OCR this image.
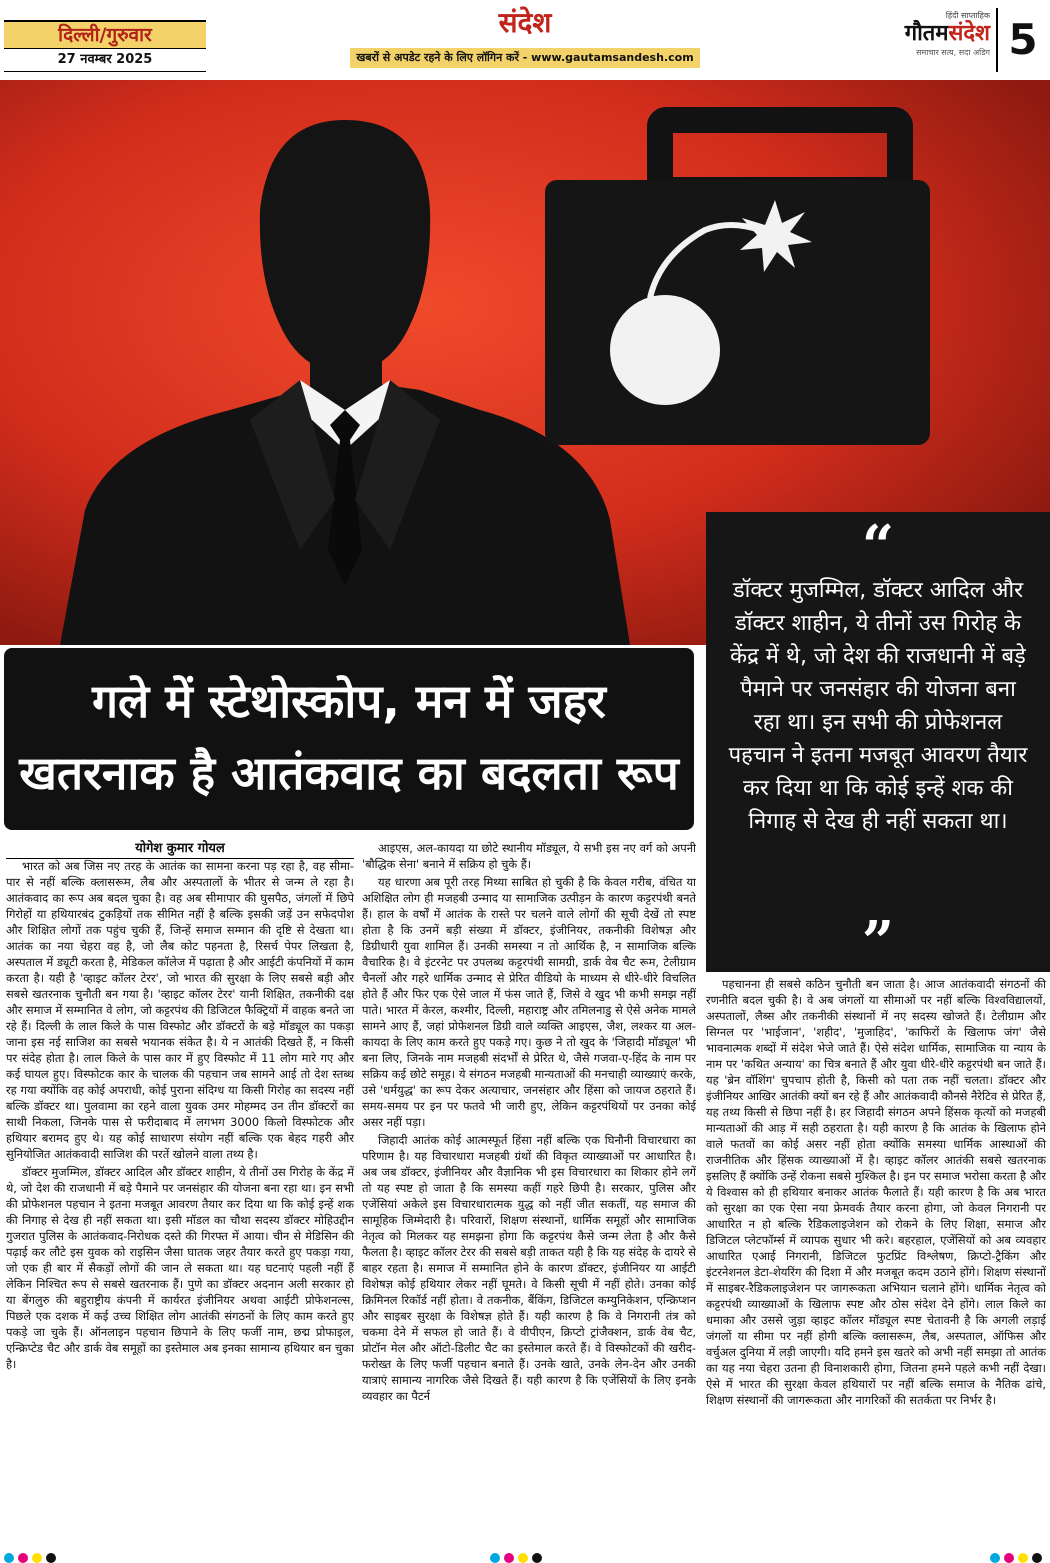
दिल्ली/गुरुवार
27 नवम्बर 2025
संदेश
खबरों से अपडेट रहने के लिए लॉगिन करें - www.gautamsandesh.com
हिंदी साप्ताहिक
गौतमसंदेश
समाचार सत्य, सदा अडिग 5
गले में स्टेथोस्कोप, मन में जहर
खतरनाक है आतंकवाद का बदलता रूप
“
डॉक्टर मुजम्मिल, डॉक्टर आदिल और डॉक्टर शाहीन, ये तीनों उस गिरोह के केंद्र में थे, जो देश की राजधानी में बड़े पैमाने पर जनसंहार की योजना बना रहा था। इन सभी की प्रोफेशनल पहचान ने इतना मजबूत आवरण तैयार कर दिया था कि कोई इन्हें शक की निगाह से देख ही नहीं सकता था।
”
योगेश कुमार गोयल

भारत को अब जिस नए तरह के आतंक का सामना करना पड़ रहा है, वह सीमा-पार से नहीं बल्कि क्लासरूम, लैब और अस्पतालों के भीतर से जन्म ले रहा है। आतंकवाद का रूप अब बदल चुका है। वह अब सीमापार की घुसपैठ, जंगलों में छिपे गिरोहों या हथियारबंद टुकड़ियों तक सीमित नहीं है बल्कि इसकी जड़ें उन सफेदपोश और शिक्षित लोगों तक पहुंच चुकी हैं, जिन्हें समाज सम्मान की दृष्टि से देखता था। आतंक का नया चेहरा वह है, जो लैब कोट पहनता है, रिसर्च पेपर लिखता है, अस्पताल में ड्यूटी करता है, मेडिकल कॉलेज में पढ़ाता है और आईटी कंपनियों में काम करता है। यही है 'व्हाइट कॉलर टेरर', जो भारत की सुरक्षा के लिए सबसे बड़ी और सबसे खतरनाक चुनौती बन गया है। 'व्हाइट कॉलर टेरर' यानी शिक्षित, तकनीकी दक्ष और समाज में सम्मानित वे लोग, जो कट्टरपंथ की डिजिटल फैक्ट्रियों में वाहक बनते जा रहे हैं। दिल्ली के लाल किले के पास विस्फोट और डॉक्टरों के बड़े मॉड्यूल का पकड़ा जाना इस नई साजिश का सबसे भयानक संकेत है। ये न आतंकी दिखते हैं, न किसी पर संदेह होता है। लाल किले के पास कार में हुए विस्फोट में 11 लोग मारे गए और कई घायल हुए। विस्फोटक कार के चालक की पहचान जब सामने आई तो देश स्तब्ध रह गया क्योंकि वह कोई अपराधी, कोई पुराना संदिग्ध या किसी गिरोह का सदस्य नहीं बल्कि डॉक्टर था। पुलवामा का रहने वाला युवक उमर मोहम्मद उन तीन डॉक्टरों का साथी निकला, जिनके पास से फरीदाबाद में लगभग 3000 किलो विस्फोटक और हथियार बरामद हुए थे। यह कोई साधारण संयोग नहीं बल्कि एक बेहद गहरी और सुनियोजित आतंकवादी साजिश की परतें खोलने वाला तथ्य है।

डॉक्टर मुजम्मिल, डॉक्टर आदिल और डॉक्टर शाहीन, ये तीनों उस गिरोह के केंद्र में थे, जो देश की राजधानी में बड़े पैमाने पर जनसंहार की योजना बना रहा था। इन सभी की प्रोफेशनल पहचान ने इतना मजबूत आवरण तैयार कर दिया था कि कोई इन्हें शक की निगाह से देख ही नहीं सकता था। इसी मॉडल का चौथा सदस्य डॉक्टर मोहिउद्दीन गुजरात पुलिस के आतंकवाद-निरोधक दस्ते की गिरफ्त में आया। चीन से मेडिसिन की पढ़ाई कर लौटे इस युवक को राइसिन जैसा घातक जहर तैयार करते हुए पकड़ा गया, जो एक ही बार में सैकड़ों लोगों की जान ले सकता था। यह घटनाएं पहली नहीं हैं लेकिन निश्चित रूप से सबसे खतरनाक हैं। पुणे का डॉक्टर अदनान अली सरकार हो या बेंगलुरु की बहुराष्ट्रीय कंपनी में कार्यरत इंजीनियर अथवा आईटी प्रोफेशनल्स, पिछले एक दशक में कई उच्च शिक्षित लोग आतंकी संगठनों के लिए काम करते हुए पकड़े जा चुके हैं। ऑनलाइन पहचान छिपाने के लिए फर्जी नाम, छद्म प्रोफाइल, एन्क्रिप्टेड चैट और डार्क वेब समूहों का इस्तेमाल अब इनका सामान्य हथियार बन चुका है।

आइएस, अल-कायदा या छोटे स्थानीय मॉड्यूल, ये सभी इस नए वर्ग को अपनी 'बौद्धिक सेना' बनाने में सक्रिय हो चुके हैं।

यह धारणा अब पूरी तरह मिथ्या साबित हो चुकी है कि केवल गरीब, वंचित या अशिक्षित लोग ही मजहबी उन्माद या सामाजिक उत्पीड़न के कारण कट्टरपंथी बनते हैं। हाल के वर्षों में आतंक के रास्ते पर चलने वाले लोगों की सूची देखें तो स्पष्ट होता है कि उनमें बड़ी संख्या में डॉक्टर, इंजीनियर, तकनीकी विशेषज्ञ और डिग्रीधारी युवा शामिल हैं। उनकी समस्या न तो आर्थिक है, न सामाजिक बल्कि वैचारिक है। वे इंटरनेट पर उपलब्ध कट्टरपंथी सामग्री, डार्क वेब चैट रूम, टेलीग्राम चैनलों और गहरे धार्मिक उन्माद से प्रेरित वीडियो के माध्यम से धीरे-धीरे विचलित होते हैं और फिर एक ऐसे जाल में फंस जाते हैं, जिसे वे खुद भी कभी समझ नहीं पाते। भारत में केरल, कश्मीर, दिल्ली, महाराष्ट्र और तमिलनाडु से ऐसे अनेक मामले सामने आए हैं, जहां प्रोफेशनल डिग्री वाले व्यक्ति आइएस, जैश, लश्कर या अल-कायदा के लिए काम करते हुए पकड़े गए। कुछ ने तो खुद के 'जिहादी मॉड्यूल' भी बना लिए, जिनके नाम मजहबी संदर्भों से प्रेरित थे, जैसे गजवा-ए-हिंद के नाम पर सक्रिय कई छोटे समूह। ये संगठन मजहबी मान्यताओं की मनचाही व्याख्याएं करके, उसे 'धर्मयुद्ध' का रूप देकर अत्याचार, जनसंहार और हिंसा को जायज ठहराते हैं। समय-समय पर इन पर फतवे भी जारी हुए, लेकिन कट्टरपंथियों पर उनका कोई असर नहीं पड़ा।

जिहादी आतंक कोई आत्मस्फूर्त हिंसा नहीं बल्कि एक घिनौनी विचारधारा का परिणाम है। यह विचारधारा मजहबी ग्रंथों की विकृत व्याख्याओं पर आधारित है। अब जब डॉक्टर, इंजीनियर और वैज्ञानिक भी इस विचारधारा का शिकार होने लगें तो यह स्पष्ट हो जाता है कि समस्या कहीं गहरे छिपी है। सरकार, पुलिस और एजेंसियां अकेले इस विचारधारात्मक युद्ध को नहीं जीत सकतीं, यह समाज की सामूहिक जिम्मेदारी है। परिवारों, शिक्षण संस्थानों, धार्मिक समूहों और सामाजिक नेतृत्व को मिलकर यह समझना होगा कि कट्टरपंथ कैसे जन्म लेता है और कैसे फैलता है। व्हाइट कॉलर टेरर की सबसे बड़ी ताकत यही है कि यह संदेह के दायरे से बाहर रहता है। समाज में सम्मानित होने के कारण डॉक्टर, इंजीनियर या आईटी विशेषज्ञ कोई हथियार लेकर नहीं घूमते। वे किसी सूची में नहीं होते। उनका कोई क्रिमिनल रिकॉर्ड नहीं होता। वे तकनीक, बैंकिंग, डिजिटल कम्युनिकेशन, एन्क्रिप्शन और साइबर सुरक्षा के विशेषज्ञ होते हैं। यही कारण है कि वे निगरानी तंत्र को चकमा देने में सफल हो जाते हैं। वे वीपीएन, क्रिप्टो ट्रांजैक्शन, डार्क वेब चैट, प्रोटॉन मेल और ऑटो-डिलीट चैट का इस्तेमाल करते हैं। वे विस्फोटकों की खरीद-फरोख्त के लिए फर्जी पहचान बनाते हैं। उनके खाते, उनके लेन-देन और उनकी यात्राएं सामान्य नागरिक जैसे दिखते हैं। यही कारण है कि एजेंसियों के लिए इनके व्यवहार का पैटर्न

पहचानना ही सबसे कठिन चुनौती बन जाता है। आज आतंकवादी संगठनों की रणनीति बदल चुकी है। वे अब जंगलों या सीमाओं पर नहीं बल्कि विश्वविद्यालयों, अस्पतालों, लैब्स और तकनीकी संस्थानों में नए सदस्य खोजते हैं। टेलीग्राम और सिग्नल पर 'भाईजान', 'शहीद', 'मुजाहिद', 'काफिरों के खिलाफ जंग' जैसे भावनात्मक शब्दों में संदेश भेजे जाते हैं। ऐसे संदेश धार्मिक, सामाजिक या न्याय के नाम पर 'कथित अन्याय' का चित्र बनाते हैं और युवा धीरे-धीरे कट्टरपंथी बन जाते हैं। यह 'ब्रेन वॉशिंग' चुपचाप होती है, किसी को पता तक नहीं चलता। डॉक्टर और इंजीनियर आखिर आतंकी क्यों बन रहे हैं और आतंकवादी कौनसे नैरेटिव से प्रेरित हैं, यह तथ्य किसी से छिपा नहीं है। हर जिहादी संगठन अपने हिंसक कृत्यों को मजहबी मान्यताओं की आड़ में सही ठहराता है। यही कारण है कि आतंक के खिलाफ होने वाले फतवों का कोई असर नहीं होता क्योंकि समस्या धार्मिक आस्थाओं की राजनीतिक और हिंसक व्याख्याओं में है। व्हाइट कॉलर आतंकी सबसे खतरनाक इसलिए हैं क्योंकि उन्हें रोकना सबसे मुश्किल है। इन पर समाज भरोसा करता है और ये विश्वास को ही हथियार बनाकर आतंक फैलाते हैं। यही कारण है कि अब भारत को सुरक्षा का एक ऐसा नया फ्रेमवर्क तैयार करना होगा, जो केवल निगरानी पर आधारित न हो बल्कि रैडिकलाइजेशन को रोकने के लिए शिक्षा, समाज और डिजिटल प्लेटफॉर्म्स में व्यापक सुधार भी करे। बहरहाल, एजेंसियों को अब व्यवहार आधारित एआई निगरानी, डिजिटल फुटप्रिंट विश्लेषण, क्रिप्टो-ट्रैकिंग और इंटरनेशनल डेटा-शेयरिंग की दिशा में और मजबूत कदम उठाने होंगे। शिक्षण संस्थानों में साइबर-रैडिकलाइजेशन पर जागरूकता अभियान चलाने होंगे। धार्मिक नेतृत्व को कट्टरपंथी व्याख्याओं के खिलाफ स्पष्ट और ठोस संदेश देने होंगे। लाल किले का धमाका और उससे जुड़ा व्हाइट कॉलर मॉड्यूल स्पष्ट चेतावनी है कि अगली लड़ाई जंगलों या सीमा पर नहीं होगी बल्कि क्लासरूम, लैब, अस्पताल, ऑफिस और वर्चुअल दुनिया में लड़ी जाएगी। यदि हमने इस खतरे को अभी नहीं समझा तो आतंक का यह नया चेहरा उतना ही विनाशकारी होगा, जितना हमने पहले कभी नहीं देखा। ऐसे में भारत की सुरक्षा केवल हथियारों पर नहीं बल्कि समाज के नैतिक ढांचे, शिक्षण संस्थानों की जागरूकता और नागरिकों की सतर्कता पर निर्भर है।
